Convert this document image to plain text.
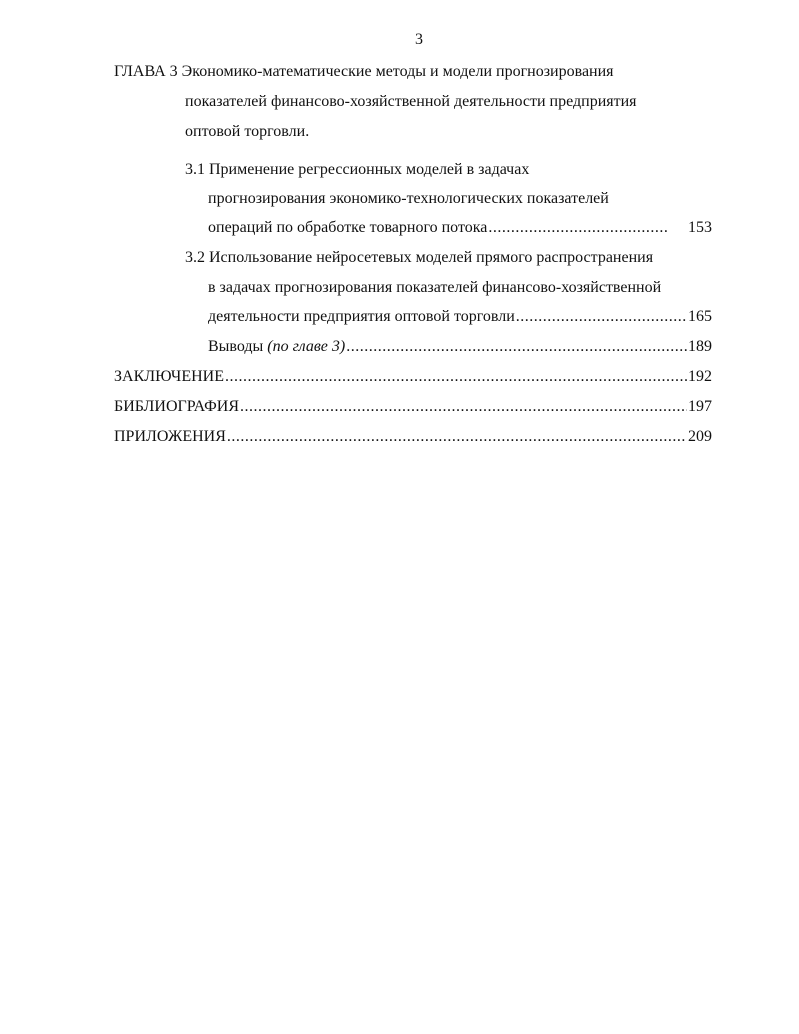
3
ГЛАВА 3 Экономико-математические методы и модели прогнозирования
показателей финансово-хозяйственной деятельности предприятия
оптовой торговли.
3.1 Применение регрессионных моделей в задачах
прогнозирования экономико-технологических показателей
операций по обработке товарного потока .....	153
3.2 Использование нейросетевых моделей прямого распространения
в задачах прогнозирования показателей финансово-хозяйственной
деятельности предприятия оптовой торговли .....	165
Выводы (по главе 3) .....	189
ЗАКЛЮЧЕНИЕ .....	192
БИБЛИОГРАФИЯ .....	197
ПРИЛОЖЕНИЯ .....	209
